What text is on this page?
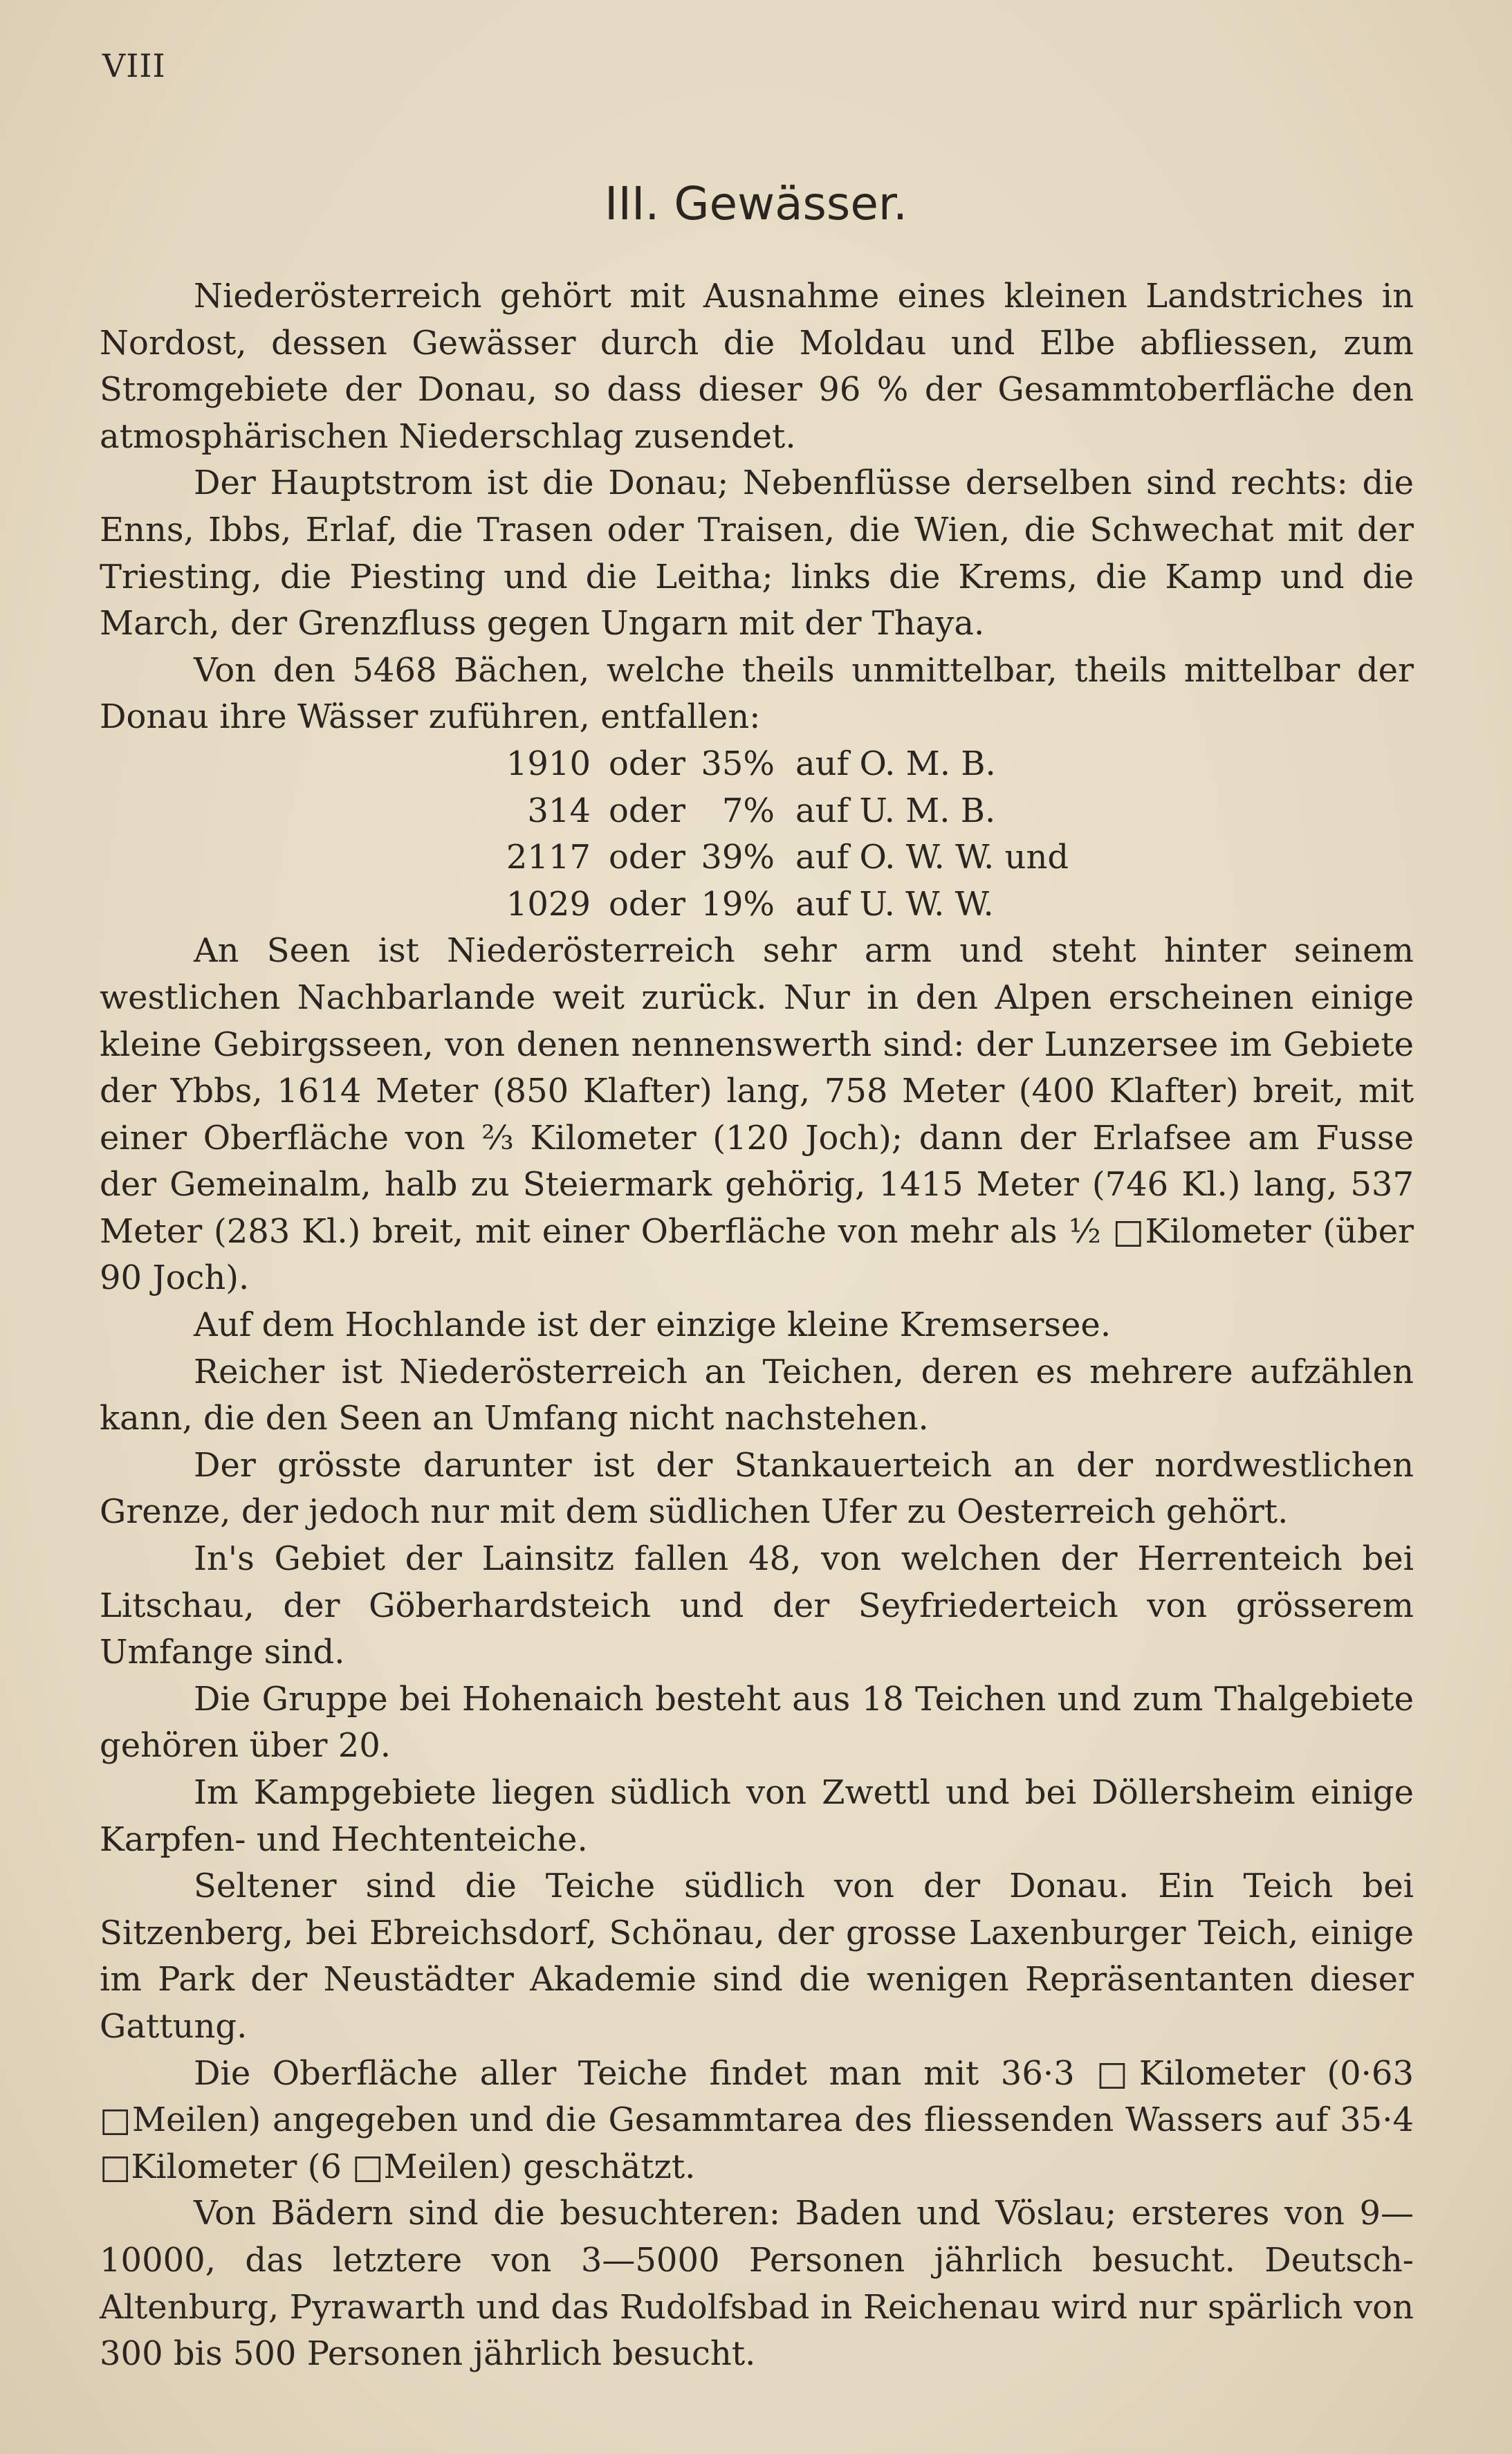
VIII
III. Gewässer.

Niederösterreich gehört mit Ausnahme eines kleinen Landstriches in Nordost, dessen Gewässer durch die Moldau und Elbe abfliessen, zum Stromgebiete der Donau, so dass dieser 96 % der Gesammtoberfläche den atmosphärischen Niederschlag zusendet.

Der Hauptstrom ist die Donau; Nebenflüsse derselben sind rechts: die Enns, Ibbs, Erlaf, die Trasen oder Traisen, die Wien, die Schwechat mit der Triesting, die Piesting und die Leitha; links die Krems, die Kamp und die March, der Grenzfluss gegen Ungarn mit der Thaya.

Von den 5468 Bächen, welche theils unmittelbar, theils mittelbar der Donau ihre Wässer zuführen, entfallen:

1910 oder 35% auf O. M. B.
314 oder	7% auf U. M. B.
2117 oder 39% auf O. W. W. und
1029 oder 19% auf U. W. W.

An Seen ist Niederösterreich sehr arm und steht hinter seinem westlichen Nachbarlande weit zurück. Nur in den Alpen erscheinen einige kleine Gebirgsseen, von denen nennenswerth sind: der Lunzersee im Gebiete der Ybbs, 1614 Meter (850 Klafter) lang, 758 Meter (400 Klafter) breit, mit einer Oberfläche von ²⁄₃ Kilometer (120 Joch); dann der Erlafsee am Fusse der Gemeinalm, halb zu Steiermark gehörig, 1415 Meter (746 Kl.) lang, 537 Meter (283 Kl.) breit, mit einer Oberfläche von mehr als ¹⁄₂ □Kilometer (über 90 Joch).

Auf dem Hochlande ist der einzige kleine Kremsersee.

Reicher ist Niederösterreich an Teichen, deren es mehrere aufzählen kann, die den Seen an Umfang nicht nachstehen.

Der grösste darunter ist der Stankauerteich an der nordwestlichen Grenze, der jedoch nur mit dem südlichen Ufer zu Oesterreich gehört.

In's Gebiet der Lainsitz fallen 48, von welchen der Herrenteich bei Litschau, der Göberhardsteich und der Seyfriederteich von grösserem Umfange sind.

Die Gruppe bei Hohenaich besteht aus 18 Teichen und zum Thalgebiete gehören über 20.

Im Kampgebiete liegen südlich von Zwettl und bei Döllersheim einige Karpfen- und Hechtenteiche.

Seltener sind die Teiche südlich von der Donau. Ein Teich bei Sitzenberg, bei Ebreichsdorf, Schönau, der grosse Laxenburger Teich, einige im Park der Neustädter Akademie sind die wenigen Repräsentanten dieser Gattung.

Die Oberfläche aller Teiche findet man mit 36·3 □Kilometer (0·63 □Meilen) angegeben und die Gesammtarea des fliessenden Wassers auf 35·4 □Kilometer (6 □Meilen) geschätzt.

Von Bädern sind die besuchteren: Baden und Vöslau; ersteres von 9—10000, das letztere von 3—5000 Personen jährlich besucht. Deutsch-Altenburg, Pyrawarth und das Rudolfsbad in Reichenau wird nur spärlich von 300 bis 500 Personen jährlich besucht.
